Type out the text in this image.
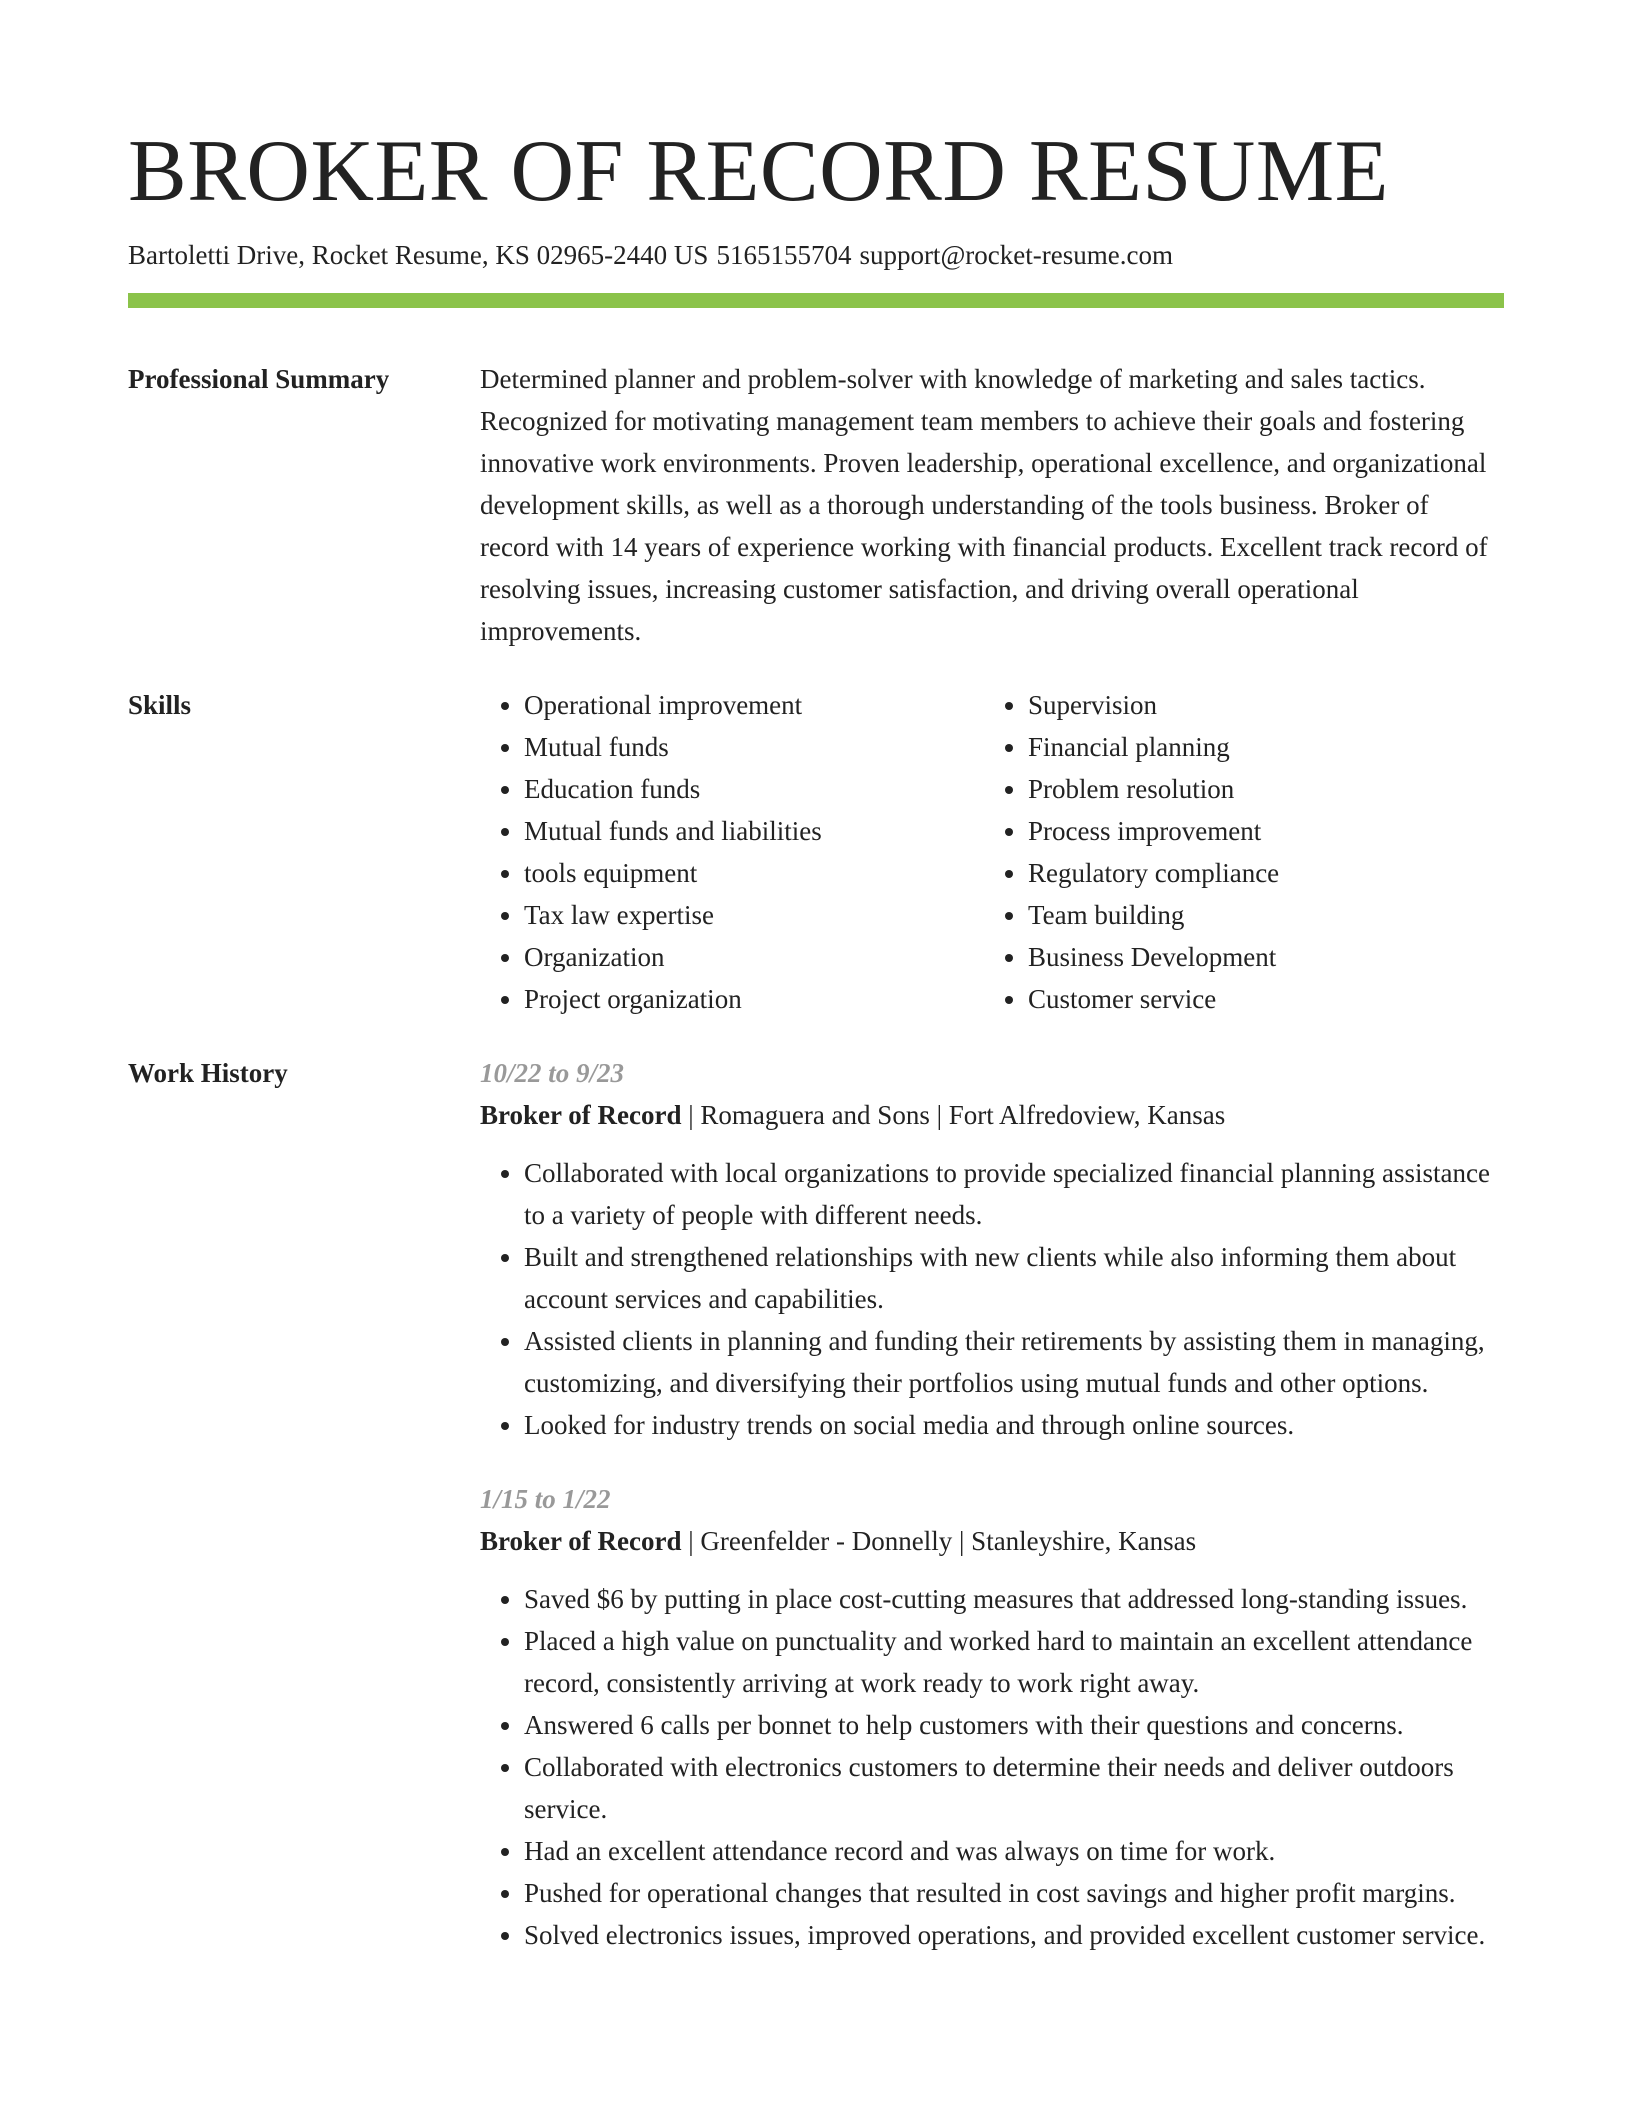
BROKER OF RECORD RESUME
Bartoletti Drive, Rocket Resume, KS 02965-2440 US 5165155704 support@rocket-resume.com
Professional Summary	Determined planner and problem-solver with knowledge of marketing and sales tactics. Recognized for motivating management team members to achieve their goals and fostering innovative work environments. Proven leadership, operational excellence, and organizational development skills, as well as a thorough understanding of the tools business. Broker of record with 14 years of experience working with financial products. Excellent track record of resolving issues, increasing customer satisfaction, and driving overall operational improvements.
Skills
•	Operational improvement
• Mutual funds
• Education funds
• Mutual funds and liabilities
• tools equipment
• Tax law expertise
• Organization
• Project organization
• Supervision
• Financial planning
• Problem resolution
• Process improvement
• Regulatory compliance
• Team building
• Business Development
• Customer service
Work History	10/22 to 9/23
Broker of Record | Romaguera and Sons | Fort Alfredoview, Kansas
• Collaborated with local organizations to provide specialized financial planning assistance to a variety of people with different needs.
• Built and strengthened relationships with new clients while also informing them about account services and capabilities.
• Assisted clients in planning and funding their retirements by assisting them in managing, customizing, and diversifying their portfolios using mutual funds and other options.
• Looked for industry trends on social media and through online sources.
1/15 to 1/22
Broker of Record | Greenfelder - Donnelly | Stanleyshire, Kansas
• Saved $6 by putting in place cost-cutting measures that addressed long-standing issues.
• Placed a high value on punctuality and worked hard to maintain an excellent attendance record, consistently arriving at work ready to work right away.
• Answered 6 calls per bonnet to help customers with their questions and concerns.
• Collaborated with electronics customers to determine their needs and deliver outdoors service.
• Had an excellent attendance record and was always on time for work.
• Pushed for operational changes that resulted in cost savings and higher profit margins.
• Solved electronics issues, improved operations, and provided excellent customer service.
